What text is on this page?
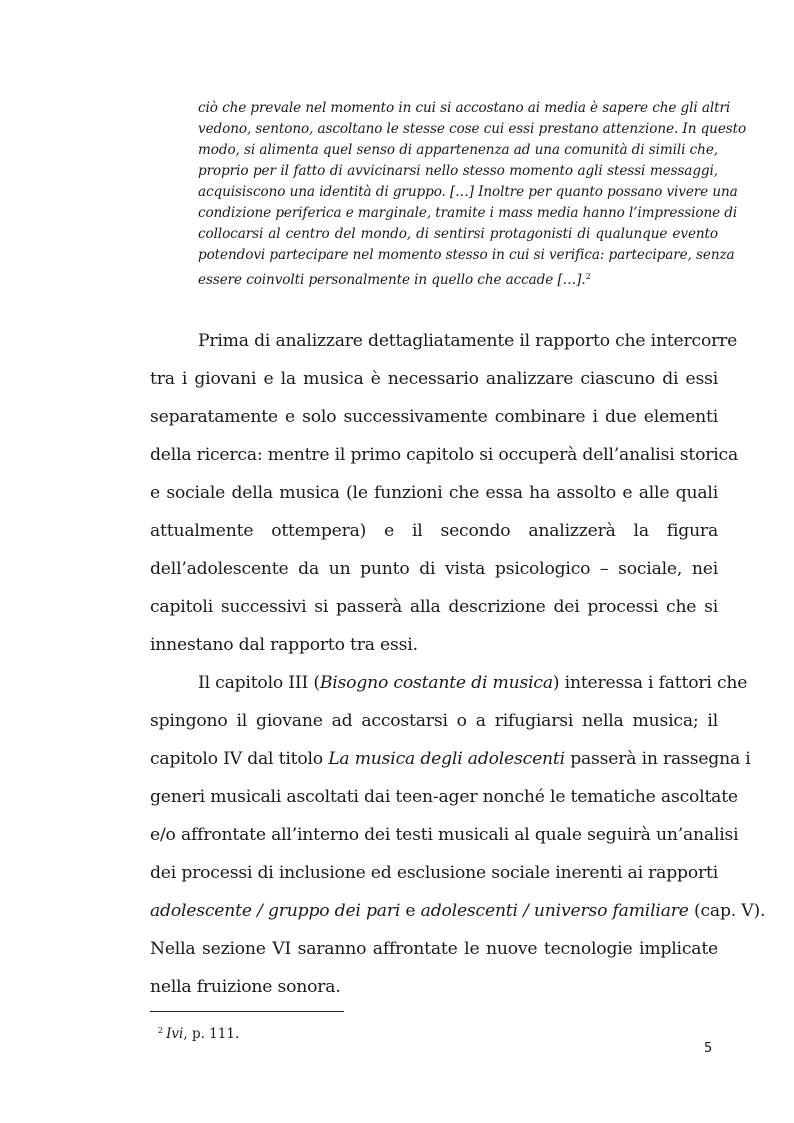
ciò che prevale nel momento in cui si accostano ai media è sapere che gli altri
vedono, sentono, ascoltano le stesse cose cui essi prestano attenzione. In questo
modo, si alimenta quel senso di appartenenza ad una comunità di simili che,
proprio per il fatto di avvicinarsi nello stesso momento agli stessi messaggi,
acquisiscono una identità di gruppo. […] Inoltre per quanto possano vivere una
condizione periferica e marginale, tramite i mass media hanno l’impressione di
collocarsi al centro del mondo, di sentirsi protagonisti di qualunque evento
potendovi partecipare nel momento stesso in cui si verifica: partecipare, senza
essere coinvolti personalmente in quello che accade […].$^2$
Prima di analizzare dettagliatamente il rapporto che intercorre
tra i giovani e la musica è necessario analizzare ciascuno di essi
separatamente e solo successivamente combinare i due elementi
della ricerca: mentre il primo capitolo si occuperà dell’analisi storica
e sociale della musica (le funzioni che essa ha assolto e alle quali
attualmente ottempera) e il secondo analizzerà la figura
dell’adolescente da un punto di vista psicologico – sociale, nei
capitoli successivi si passerà alla descrizione dei processi che si
innestano dal rapporto tra essi.
Il capitolo III (Bisogno costante di musica) interessa i fattori che
spingono il giovane ad accostarsi o a rifugiarsi nella musica; il
capitolo IV dal titolo La musica degli adolescenti passerà in rassegna i
generi musicali ascoltati dai teen-ager nonché le tematiche ascoltate
e/o affrontate all’interno dei testi musicali al quale seguirà un’analisi
dei processi di inclusione ed esclusione sociale inerenti ai rapporti
adolescente / gruppo dei pari e adolescenti / universo familiare (cap. V).
Nella sezione VI saranno affrontate le nuove tecnologie implicate
nella fruizione sonora.
$^2$ Ivi, p. 111.
5
